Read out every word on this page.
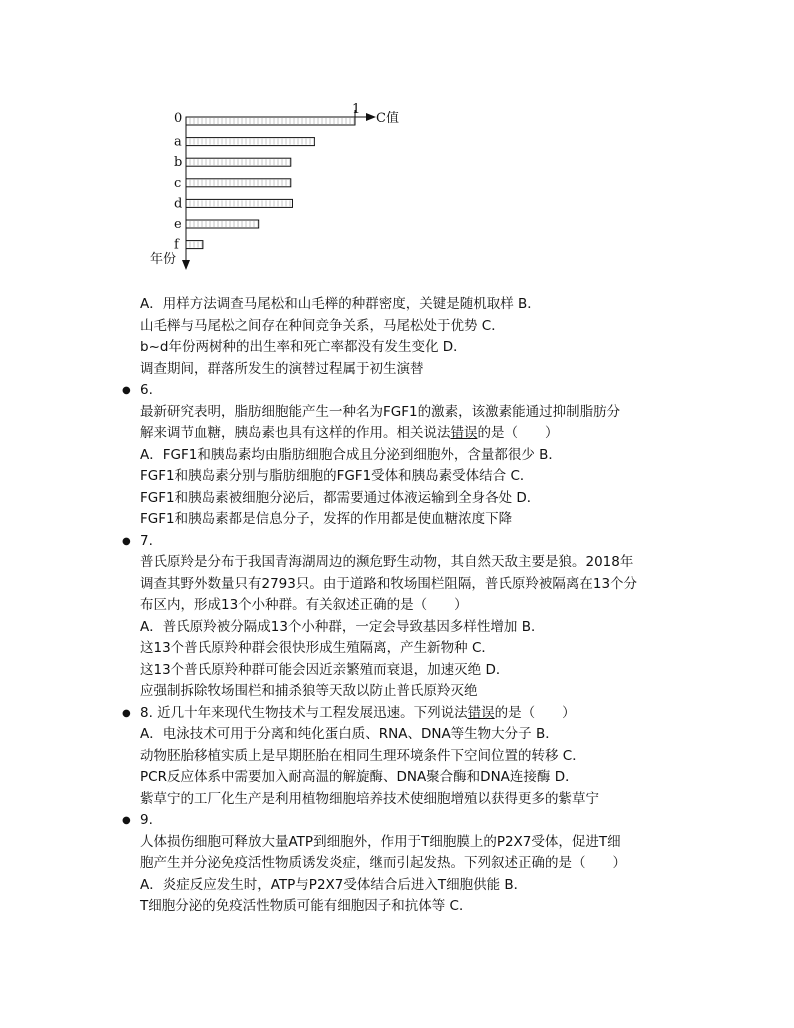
0
a
b
c
d
e
f
1
C值
年份
A．用样方法调查马尾松和山毛榉的种群密度，关键是随机取样 B．
山毛榉与马尾松之间存在种间竞争关系，马尾松处于优势 C．
b~d年份两树种的出生率和死亡率都没有发生变化 D．
调查期间，群落所发生的演替过程属于初生演替
● 6.
最新研究表明，脂肪细胞能产生一种名为FGF1的激素，该激素能通过抑制脂肪分
解来调节血糖，胰岛素也具有这样的作用。相关说法错误的是（　　）
A．FGF1和胰岛素均由脂肪细胞合成且分泌到细胞外，含量都很少 B．
FGF1和胰岛素分别与脂肪细胞的FGF1受体和胰岛素受体结合 C．
FGF1和胰岛素被细胞分泌后，都需要通过体液运输到全身各处 D．
FGF1和胰岛素都是信息分子，发挥的作用都是使血糖浓度下降
● 7.
普氏原羚是分布于我国青海湖周边的濒危野生动物，其自然天敌主要是狼。2018年
调查其野外数量只有2793只。由于道路和牧场围栏阻隔，普氏原羚被隔离在13个分
布区内，形成13个小种群。有关叙述正确的是（　　）
A．普氏原羚被分隔成13个小种群，一定会导致基因多样性增加 B．
这13个普氏原羚种群会很快形成生殖隔离，产生新物种 C．
这13个普氏原羚种群可能会因近亲繁殖而衰退，加速灭绝 D．
应强制拆除牧场围栏和捕杀狼等天敌以防止普氏原羚灭绝
● 8. 近几十年来现代生物技术与工程发展迅速。下列说法错误的是（　　）
A．电泳技术可用于分离和纯化蛋白质、RNA、DNA等生物大分子 B．
动物胚胎移植实质上是早期胚胎在相同生理环境条件下空间位置的转移 C．
PCR反应体系中需要加入耐高温的解旋酶、DNA聚合酶和DNA连接酶 D．
紫草宁的工厂化生产是利用植物细胞培养技术使细胞增殖以获得更多的紫草宁
● 9.
人体损伤细胞可释放大量ATP到细胞外，作用于T细胞膜上的P2X7受体，促进T细
胞产生并分泌免疫活性物质诱发炎症，继而引起发热。下列叙述正确的是（　　）
A．炎症反应发生时，ATP与P2X7受体结合后进入T细胞供能 B．
T细胞分泌的免疫活性物质可能有细胞因子和抗体等 C．
